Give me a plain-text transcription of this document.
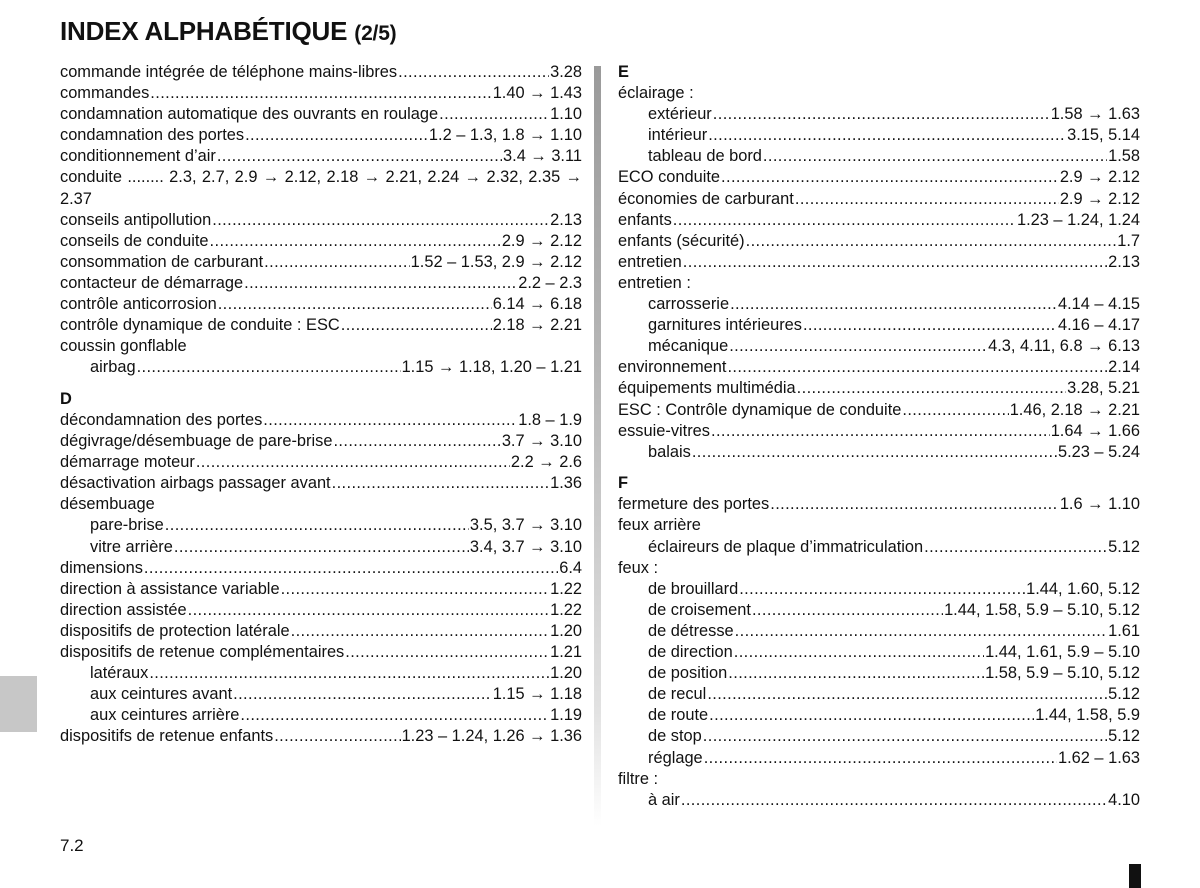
INDEX ALPHABÉTIQUE (2/5)
commande intégrée de téléphone mains-libres .....	3.28
commandes .....	1.40 → 1.43
condamnation automatique des ouvrants en roulage .....	1.10
condamnation des portes .....	1.2 – 1.3, 1.8 → 1.10
conditionnement d’air .....	3.4 → 3.11
conduite ........ 2.3, 2.7, 2.9 → 2.12, 2.18 → 2.21, 2.24 → 2.32, 2.35 → 2.37
conseils antipollution .....	2.13
conseils de conduite .....	2.9 → 2.12
consommation de carburant .....	1.52 – 1.53, 2.9 → 2.12
contacteur de démarrage .....	2.2 – 2.3
contrôle anticorrosion .....	6.14 → 6.18
contrôle dynamique de conduite : ESC .....	2.18 → 2.21
coussin gonflable
airbag .....	1.15 → 1.18, 1.20 – 1.21
D
décondamnation des portes .....	1.8 – 1.9
dégivrage/désembuage de pare-brise .....	3.7 → 3.10
démarrage moteur .....	2.2 → 2.6
désactivation airbags passager avant .....	1.36
désembuage
pare-brise .....	3.5, 3.7 → 3.10
vitre arrière .....	3.4, 3.7 → 3.10
dimensions .....	6.4
direction à assistance variable .....	1.22
direction assistée .....	1.22
dispositifs de protection latérale .....	1.20
dispositifs de retenue complémentaires .....	1.21
latéraux .....	1.20
aux ceintures avant .....	1.15 → 1.18
aux ceintures arrière .....	1.19
dispositifs de retenue enfants .....	1.23 – 1.24, 1.26 → 1.36
E
éclairage :
extérieur .....	1.58 → 1.63
intérieur .....	3.15, 5.14
tableau de bord .....	1.58
ECO conduite .....	2.9 → 2.12
économies de carburant .....	2.9 → 2.12
enfants .....	1.23 – 1.24, 1.24
enfants (sécurité) .....	1.7
entretien .....	2.13
entretien :
carrosserie .....	4.14 – 4.15
garnitures intérieures .....	4.16 – 4.17
mécanique .....	4.3, 4.11, 6.8 → 6.13
environnement .....	2.14
équipements multimédia .....	3.28, 5.21
ESC : Contrôle dynamique de conduite .....	1.46, 2.18 → 2.21
essuie-vitres .....	1.64 → 1.66
balais .....	5.23 – 5.24
F
fermeture des portes .....	1.6 → 1.10
feux arrière
éclaireurs de plaque d’immatriculation .....	5.12
feux :
de brouillard .....	1.44, 1.60, 5.12
de croisement .....	1.44, 1.58, 5.9 – 5.10, 5.12
de détresse .....	1.61
de direction .....	1.44, 1.61, 5.9 – 5.10
de position .....	1.58, 5.9 – 5.10, 5.12
de recul .....	5.12
de route .....	1.44, 1.58, 5.9
de stop .....	5.12
réglage .....	1.62 – 1.63
filtre :
à air .....	4.10
7.2
